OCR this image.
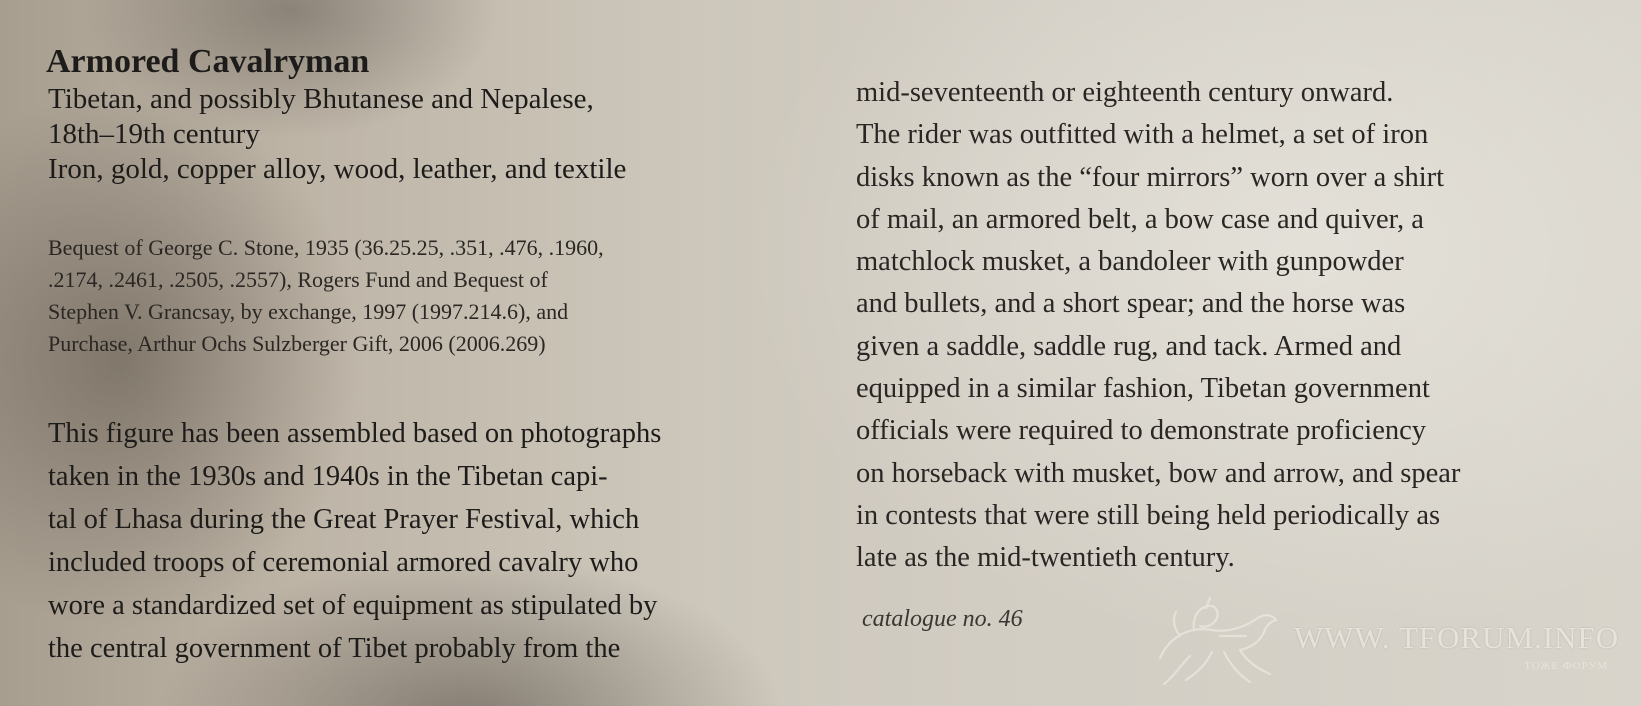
Armored Cavalryman
Tibetan, and possibly Bhutanese and Nepalese,
18th–19th century
Iron, gold, copper alloy, wood, leather, and textile
Bequest of George C. Stone, 1935 (36.25.25, .351, .476, .1960,
.2174, .2461, .2505, .2557), Rogers Fund and Bequest of
Stephen V. Grancsay, by exchange, 1997 (1997.214.6), and
Purchase, Arthur Ochs Sulzberger Gift, 2006 (2006.269)
This figure has been assembled based on photographs
taken in the 1930s and 1940s in the Tibetan capi-
tal of Lhasa during the Great Prayer Festival, which
included troops of ceremonial armored cavalry who
wore a standardized set of equipment as stipulated by
the central government of Tibet probably from the
mid-seventeenth or eighteenth century onward.
The rider was outfitted with a helmet, a set of iron
disks known as the “four mirrors” worn over a shirt
of mail, an armored belt, a bow case and quiver, a
matchlock musket, a bandoleer with gunpowder
and bullets, and a short spear; and the horse was
given a saddle, saddle rug, and tack. Armed and
equipped in a similar fashion, Tibetan government
officials were required to demonstrate proficiency
on horseback with musket, bow and arrow, and spear
in contests that were still being held periodically as
late as the mid-twentieth century.
catalogue no. 46
WWW. TFORUM.INFO
ТОЖЕ ФОРУМ
